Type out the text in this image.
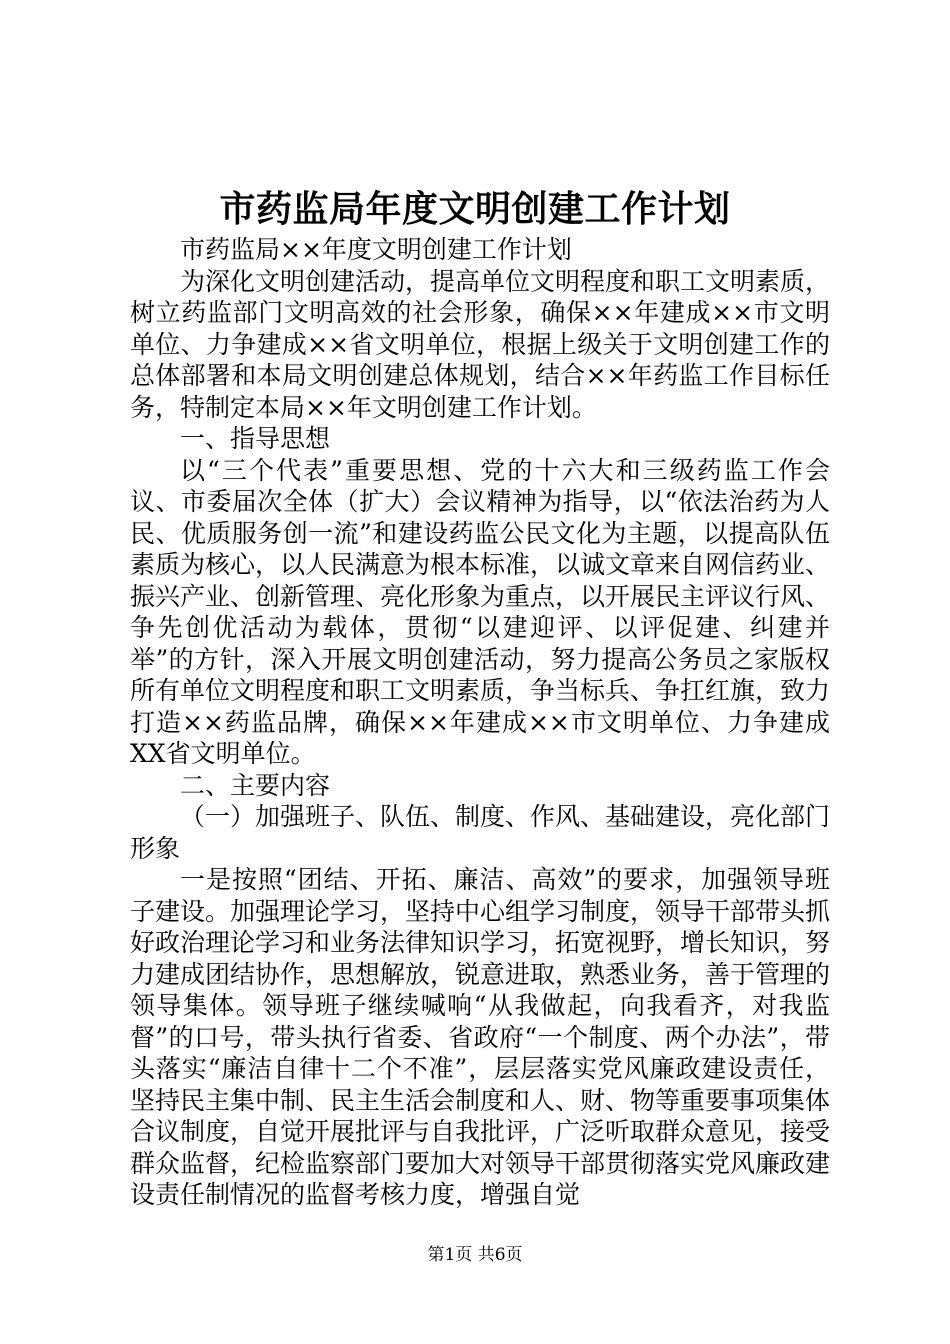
市药监局年度文明创建工作计划

市药监局××年度文明创建工作计划

为深化文明创建活动，提高单位文明程度和职工文明素质，树立药监部门文明高效的社会形象，确保××年建成××市文明单位、力争建成××省文明单位，根据上级关于文明创建工作的总体部署和本局文明创建总体规划，结合××年药监工作目标任务，特制定本局××年文明创建工作计划。

一、指导思想

以“三个代表”重要思想、党的十六大和三级药监工作会议、市委届次全体（扩大）会议精神为指导，以“依法治药为人民、优质服务创一流”和建设药监公民文化为主题，以提高队伍素质为核心，以人民满意为根本标准，以诚文章来自网信药业、振兴产业、创新管理、亮化形象为重点，以开展民主评议行风、争先创优活动为载体，贯彻“以建迎评、以评促建、纠建并举”的方针，深入开展文明创建活动，努力提高公务员之家版权所有单位文明程度和职工文明素质，争当标兵、争扛红旗，致力打造××药监品牌，确保××年建成××市文明单位、力争建成XX省文明单位。

二、主要内容

（一）加强班子、队伍、制度、作风、基础建设，亮化部门形象

一是按照“团结、开拓、廉洁、高效”的要求，加强领导班子建设。加强理论学习，坚持中心组学习制度，领导干部带头抓好政治理论学习和业务法律知识学习，拓宽视野，增长知识，努力建成团结协作，思想解放，锐意进取，熟悉业务，善于管理的领导集体。领导班子继续喊响“从我做起，向我看齐，对我监督”的口号，带头执行省委、省政府“一个制度、两个办法”，带头落实“廉洁自律十二个不准”，层层落实党风廉政建设责任，坚持民主集中制、民主生活会制度和人、财、物等重要事项集体合议制度，自觉开展批评与自我批评，广泛听取群众意见，接受群众监督，纪检监察部门要加大对领导干部贯彻落实党风廉政建设责任制情况的监督考核力度，增强自觉

第1页 共6页
